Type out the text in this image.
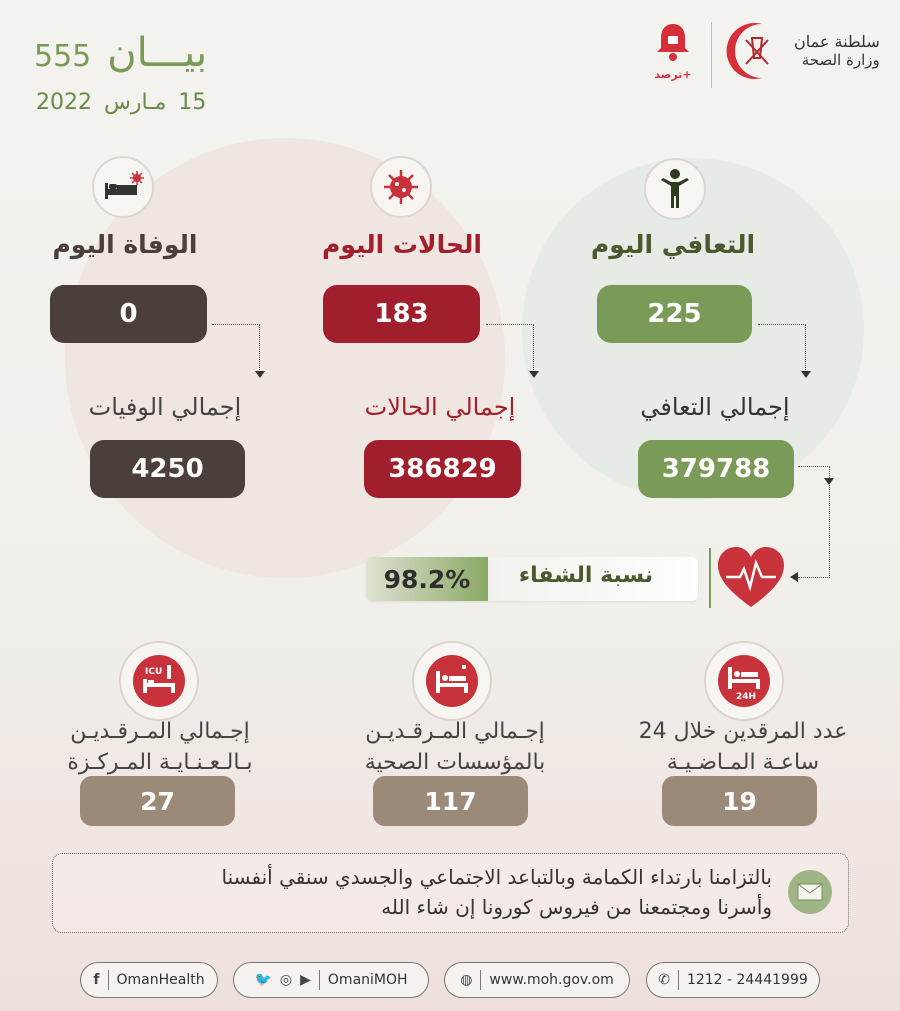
555 بيـــان
2022 مـارس 15
ترصد+
سلطنة عمان
وزارة الصحة
الوفاة اليوم	الحالات اليوم	التعافي اليوم
0	183	225
إجمالي الوفيات	إجمالي الحالات	إجمالي التعافي
4250	386829	379788
98.2%	نسبة الشفاء
ICU
24H
إجـمالي المـرقـديـن
بـالـعـنـايـة المـركـزة
إجـمالي المـرقـديـن
بالمؤسسات الصحية
عدد المرقدين خلال 24
ساعـة المـاضـيـة
27	117	19
بالتزامنا بارتداء الكمامة وبالتباعد الاجتماعي والجسدي سنقي أنفسنا
وأسرنا ومجتمعنا من فيروس كورونا إن شاء الله
f OmanHealth	🐦 ◎ ▶ OmaniMOH	◍ www.moh.gov.om	✆ 1212 - 24441999
